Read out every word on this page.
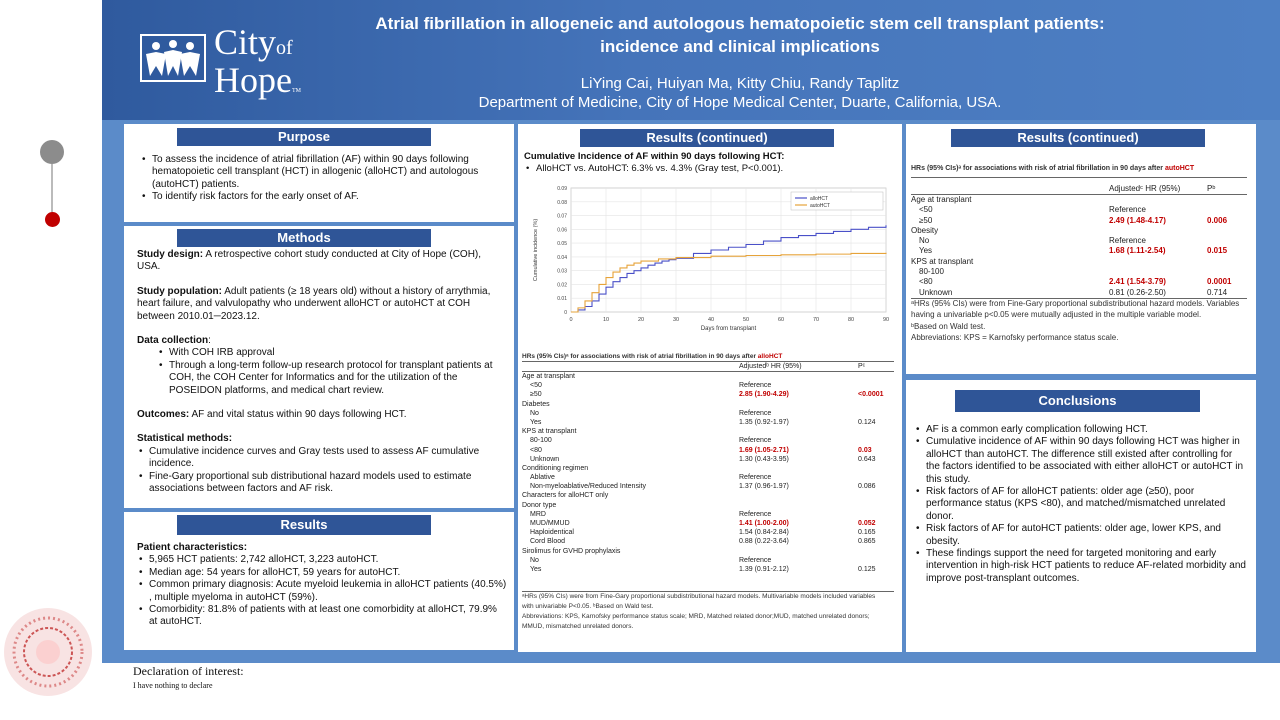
Cityof
HopeTM
Atrial fibrillation in allogeneic and autologous hematopoietic stem cell transplant patients:
incidence and clinical implications
LiYing Cai, Huiyan Ma, Kitty Chiu, Randy Taplitz
Department of Medicine, City of Hope Medical Center, Duarte, California, USA.
Purpose
• To assess the incidence of atrial fibrillation (AF) within 90 days following hematopoietic cell transplant (HCT) in allogenic (alloHCT) and autologous (autoHCT) patients.
• To identify risk factors for the early onset of AF.
Methods

Study design: A retrospective cohort study conducted at City of Hope (COH), USA.

Study population: Adult patients (≥ 18 years old) without a history of arrythmia, heart failure, and valvulopathy who underwent alloHCT or autoHCT at COH between 2010.01─2023.12.

Data collection:
• With COH IRB approval
• Through a long-term follow-up research protocol for transplant patients at COH, the COH Center for Informatics and for the utilization of the POSEIDON platforms, and medical chart review.

Outcomes: AF and vital status within 90 days following HCT.

Statistical methods:
• Cumulative incidence curves and Gray tests used to assess AF cumulative incidence.
• Fine-Gary proportional sub distributional hazard models used to estimate associations between factors and AF risk.
Results
Patient characteristics:
• 5,965 HCT patients: 2,742 alloHCT, 3,223 autoHCT.
• Median age: 54 years for alloHCT, 59 years for autoHCT.
• Common primary diagnosis: Acute myeloid leukemia in alloHCT patients (40.5%) , multiple myeloma in autoHCT (59%).
• Comorbidity: 81.8% of patients with at least one comorbidity at alloHCT, 79.9% at autoHCT.
Results (continued)
Cumulative Incidence of AF within 90 days following HCT:
• AlloHCT vs. AutoHCT: 6.3% vs. 4.3% (Gray test, P<0.001).
0
0.01
0.02
0.03
0.04
0.05
0.06
0.07
0.08
0.09
0	10	20	30	40	50	60	70	80	90
Days from transplant
Cumulative incidence (%)
alloHCT
autoHCT
HRs (95% CIs)ᵃ for associations with risk of atrial fibrillation in 90 days after alloHCT
Adjustedᵇ HR (95%)	Pᶜ
Age at transplant
<50	Reference
≥50	2.85 (1.90-4.29)	<0.0001
Diabetes
No	Reference
Yes	1.35 (0.92-1.97)	0.124
KPS at transplant
80-100	Reference
<80	1.69 (1.05-2.71)	0.03
Unknown	1.30 (0.43-3.95)	0.643
Conditioning regimen
Ablative	Reference
Non-myeloablative/Reduced Intensity	1.37 (0.96-1.97)	0.086
Characters for alloHCT only
Donor type
MRD	Reference
MUD/MMUD	1.41 (1.00-2.00)	0.052
Haploidentical	1.54 (0.84-2.84)	0.165
Cord Blood	0.88 (0.22-3.64)	0.865
Sirolimus for GVHD prophylaxis
No	Reference
Yes	1.39 (0.91-2.12)	0.125
ᵃHRs (95% CIs) were from Fine-Gary proportional subdistributional hazard models. Multivariable models included variables with univariable P<0.05. ᵇBased on Wald test.
Abbreviations: KPS, Karnofsky performance status scale; MRD, Matched related donor;MUD, matched unrelated donors; MMUD, mismatched unrelated donors.
Results (continued)
HRs (95% CIs)ᵃ for associations with risk of atrial fibrillation in 90 days after autoHCT
Adjustedᶜ HR (95%)	Pᵇ
Age at transplant
<50	Reference
≥50	2.49 (1.48-4.17)	0.006
Obesity
No	Reference
Yes	1.68 (1.11-2.54)	0.015
KPS at transplant
80-100
<80	2.41 (1.54-3.79)	0.0001
Unknown	0.81 (0.26-2.50)	0.714
ᵃHRs (95% CIs) were from Fine-Gary proportional subdistributional hazard models. Variables having a univariable p<0.05 were mutually adjusted in the multiple variable model.
ᵇBased on Wald test.
Abbreviations: KPS = Karnofsky performance status scale.
Conclusions
• AF is a common early complication following HCT.
• Cumulative incidence of AF within 90 days following HCT was higher in alloHCT than autoHCT. The difference still existed after controlling for the factors identified to be associated with either alloHCT or autoHCT in this study.
• Risk factors of AF for alloHCT patients: older age (≥50), poor performance status (KPS <80), and matched/mismatched unrelated donor.
• Risk factors of AF for autoHCT patients: older age, lower KPS, and obesity.
• These findings support the need for targeted monitoring and early intervention in high-risk HCT patients to reduce AF-related morbidity and improve post-transplant outcomes.
Declaration of interest:
I have nothing to declare
